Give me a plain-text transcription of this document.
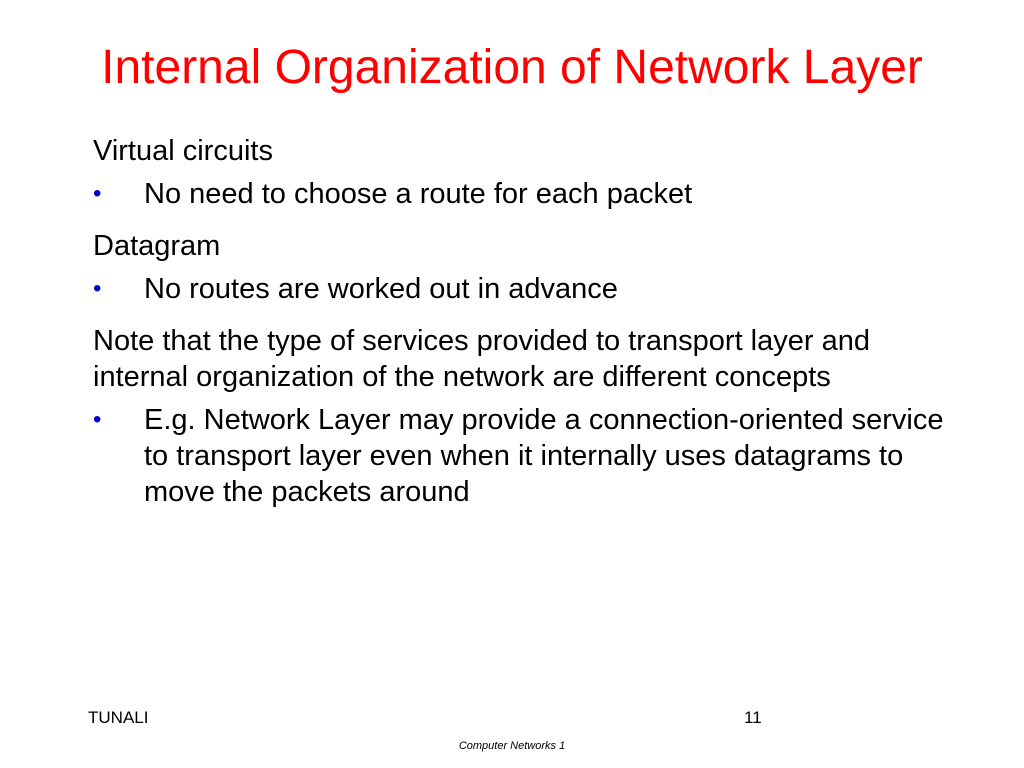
Internal Organization of Network Layer

Virtual circuits

•	No need to choose a route for each packet

Datagram

•	No routes are worked out in advance

Note that the type of services provided to transport layer and internal organization of the network are different concepts

•	E.g. Network Layer may provide a connection-oriented service to transport layer even when it internally uses datagrams to move the packets around
TUNALI	11
Computer Networks 1
